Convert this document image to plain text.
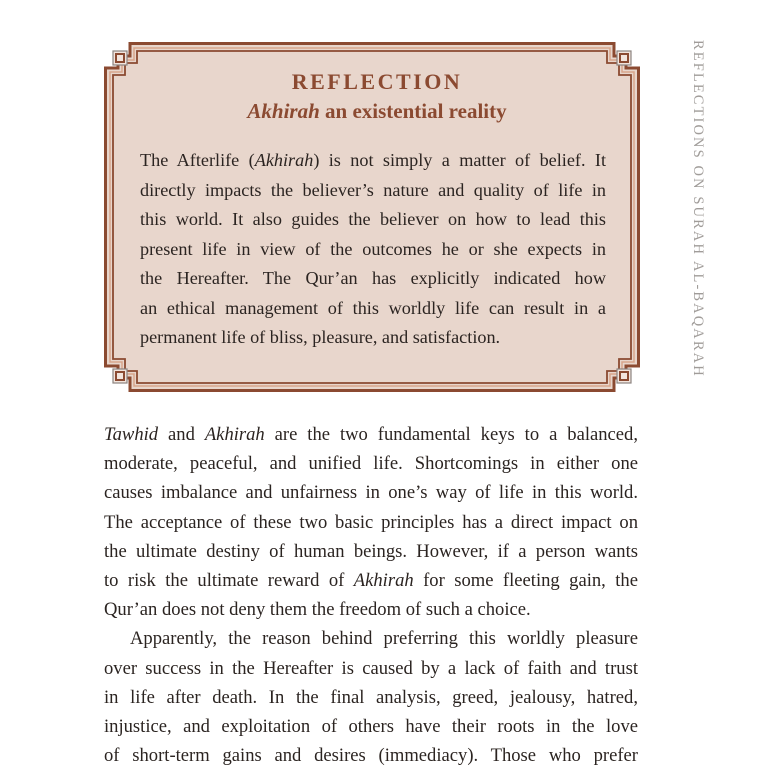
REFLECTION
Akhirah an existential reality
The Afterlife (Akhirah) is not simply a matter of belief. It
directly impacts the believer’s nature and quality of life in
this world. It also guides the believer on how to lead this
present life in view of the outcomes he or she expects in
the Hereafter. The Qur’an has explicitly indicated how
an ethical management of this worldly life can result in a
permanent life of bliss, pleasure, and satisfaction.	REFLECTIONS ON SURAH AL-BAQARAH

Tawhid and Akhirah are the two fundamental keys to a balanced,
moderate, peaceful, and unified life. Shortcomings in either one
causes imbalance and unfairness in one’s way of life in this world.
The acceptance of these two basic principles has a direct impact on
the ultimate destiny of human beings. However, if a person wants
to risk the ultimate reward of Akhirah for some fleeting gain, the
Qur’an does not deny them the freedom of such a choice.

Apparently, the reason behind preferring this worldly pleasure
over success in the Hereafter is caused by a lack of faith and trust
in life after death. In the final analysis, greed, jealousy, hatred,
injustice, and exploitation of others have their roots in the love
of short-term gains and desires (immediacy). Those who prefer
